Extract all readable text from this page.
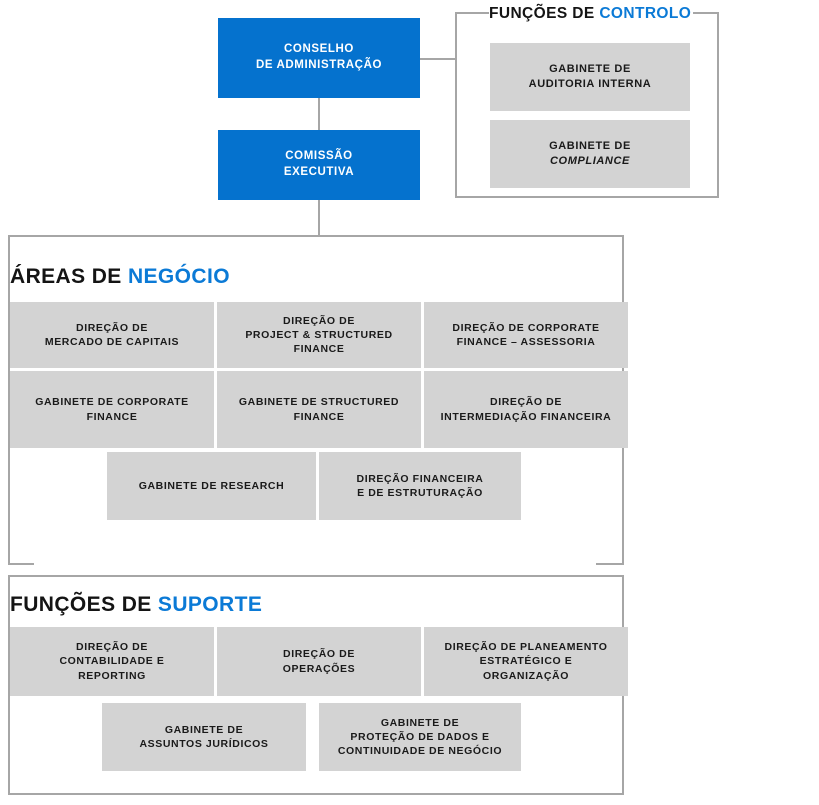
CONSELHO
DE ADMINISTRAÇÃO
COMISSÃO
EXECUTIVA
FUNÇÕES DE CONTROLO
GABINETE DE
AUDITORIA INTERNA
GABINETE DE
COMPLIANCE
ÁREAS DE NEGÓCIO
DIREÇÃO DE
MERCADO DE CAPITAIS
DIREÇÃO DE
PROJECT & STRUCTURED
FINANCE
DIREÇÃO DE CORPORATE
FINANCE – ASSESSORIA
GABINETE DE CORPORATE
FINANCE
GABINETE DE STRUCTURED
FINANCE
DIREÇÃO DE
INTERMEDIAÇÃO FINANCEIRA
GABINETE DE RESEARCH
DIREÇÃO FINANCEIRA
E DE ESTRUTURAÇÃO
FUNÇÕES DE SUPORTE
DIREÇÃO DE
CONTABILIDADE E
REPORTING
DIREÇÃO DE
OPERAÇÕES
DIREÇÃO DE PLANEAMENTO
ESTRATÉGICO E
ORGANIZAÇÃO
GABINETE DE
ASSUNTOS JURÍDICOS
GABINETE DE
PROTEÇÃO DE DADOS E
CONTINUIDADE DE NEGÓCIO
